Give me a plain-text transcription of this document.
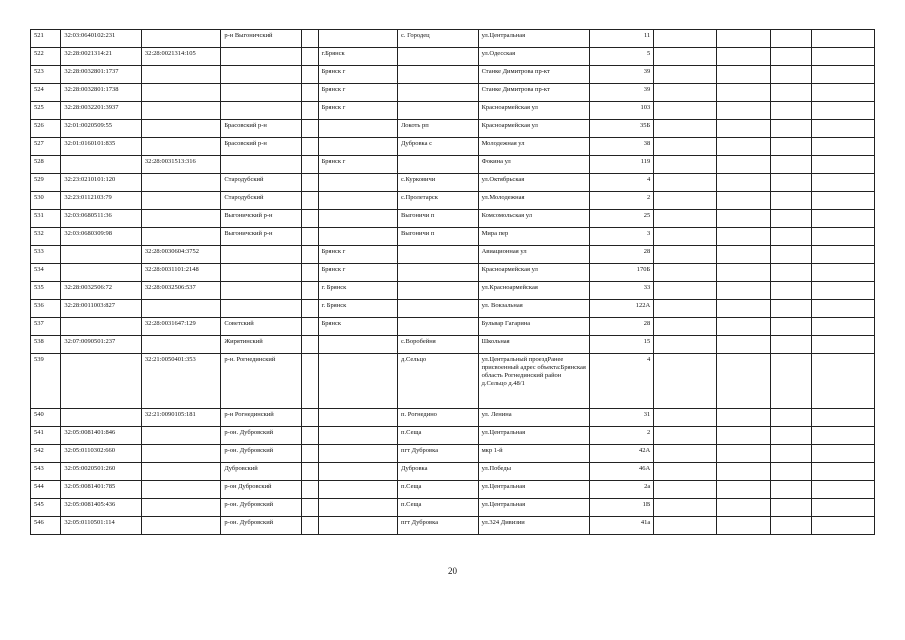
521	32:03:0640102:231		р-н Выгоничский			с. Городец	ул.Центральная	11				
522	32:28:0021314:21	32:28:0021314:105			г.Брянск		ул.Одесская	5				
523	32:28:0032801:1737				Брянск г		Станке Димитрова пр-кт	39				
524	32:28:0032801:1738				Брянск г		Станке Димитрова пр-кт	39				
525	32:28:0032201:3937				Брянск г		Красноармейская ул	103				
526	32:01:0020509:55		Брасовский р-н			Локоть рп	Красноармейская ул	35Б				
527	32:01:0160101:835		Брасовский р-н			Дубровка с	Молодежная ул	38				
528		32:28:0031513:316			Брянск г		Фокина ул	119				
529	32:23:0210101:120		Стародубский			с.Курковичи	ул.Октябрьская	4				
530	32:23:0112103:79		Стародубский			с.Пролетарск	ул.Молодежная	2				
531	32:03:0680511:36		Выгоничский р-н			Выгоничи п	Комсомольская ул	25				
532	32:03:0680309:98		Выгоничский р-н			Выгоничи п	Мира пер	3				
533		32:28:0030604:3752			Брянск г		Авиационная ул	28				
534		32:28:0031101:2148			Брянск г		Красноармейская ул	170Б				
535	32:28:0032506:72	32:28:0032506:537			г. Брянск		ул.Красноармейская	33				
536	32:28:0011003:827				г. Брянск		ул. Вокзальная	122А				
537		32:28:0031647:129	Советский		Брянск		Бульвар Гагарина	28				
538	32:07:0090501:237		Жирятинский			с.Воробейня	Школьная	15				
539		32:21:0050401:353	р-н. Рогнединский			д.Сельцо	ул.Центральный проездРанее присвоенный адрес объекта:Брянская область Рогнединский район д.Сельцо д.48/1	4				
540		32:21:0090105:181	р-н Рогнединский			п. Рогнедино	ул. Ленина	31				
541	32:05:0081401:846		р-он. Дубровский			п.Сеща	ул.Центральная	2				
542	32:05:0110302:660		р-он. Дубровский			пгт Дубровка	мкр 1-й	42А				
543	32:05:0020501:260		Дубровский			Дубровка	ул.Победы	46А				
544	32:05:0081401:785		р-он Дубровский			п.Сеща	ул.Центральная	2а				
545	32:05:0081405:436		р-он. Дубровский			п.Сеща	ул.Центральная	1В				
546	32:05:0110501:114		р-он. Дубровский			пгт Дубровка	ул.324 Дивизии	41а				
20
